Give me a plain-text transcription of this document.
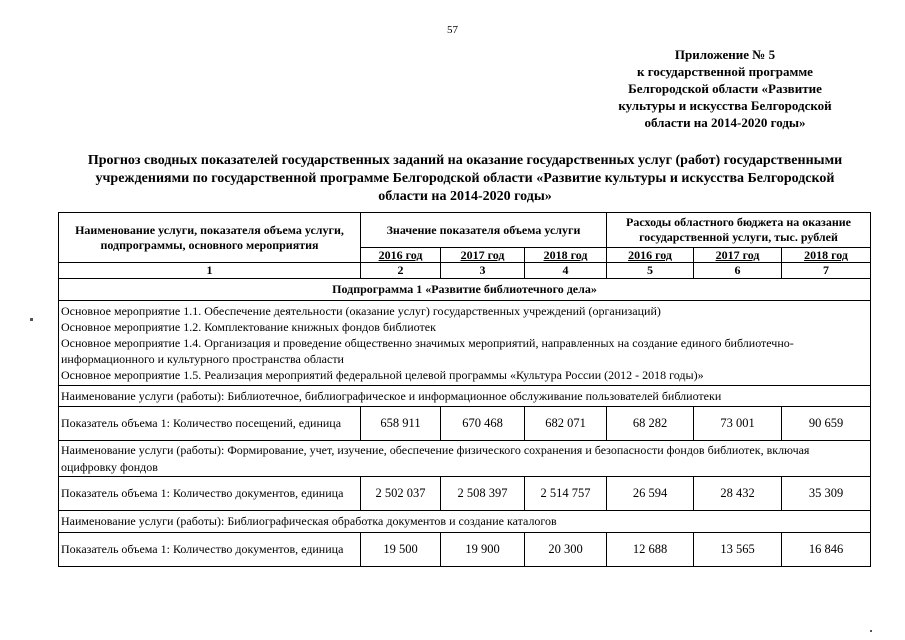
57
Приложение № 5
к государственной программе
Белгородской области «Развитие
культуры и искусства Белгородской
области на 2014-2020 годы»
Прогноз сводных показателей государственных заданий на оказание государственных услуг (работ) государственными
учреждениями по государственной программе Белгородской области «Развитие культуры и искусства Белгородской
области на 2014-2020 годы»
Наименование услуги, показателя объема услуги, подпрограммы, основного мероприятия	Значение показателя объема услуги			Расходы областного бюджета на оказание государственной услуги, тыс. рублей		
	2016 год	2017 год	2018 год	2016 год	2017 год	2018 год
1	2	3	4	5	6	7
Подпрограмма 1 «Развитие библиотечного дела»						

Основное мероприятие 1.1. Обеспечение деятельности (оказание услуг) государственных учреждений (организаций)
Основное мероприятие 1.2. Комплектование книжных фондов библиотек
Основное мероприятие 1.4. Организация и проведение общественно значимых мероприятий, направленных на создание единого библиотечно-информационного и культурного пространства области
Основное мероприятие 1.5. Реализация мероприятий федеральной целевой программы «Культура России (2012 - 2018 годы)»						

Наименование услуги (работы): Библиотечное, библиографическое и информационное обслуживание пользователей библиотеки						
Показатель объема 1: Количество посещений, единица	658 911	670 468	682 071	68 282	73 001	90 659
Наименование услуги (работы): Формирование, учет, изучение, обеспечение физического сохранения и безопасности фондов библиотек, включая оцифровку фондов						
Показатель объема 1: Количество документов, единица	2 502 037	2 508 397	2 514 757	26 594	28 432	35 309
Наименование услуги (работы): Библиографическая обработка документов и создание каталогов						
Показатель объема 1: Количество документов, единица	19 500	19 900	20 300	12 688	13 565	16 846
